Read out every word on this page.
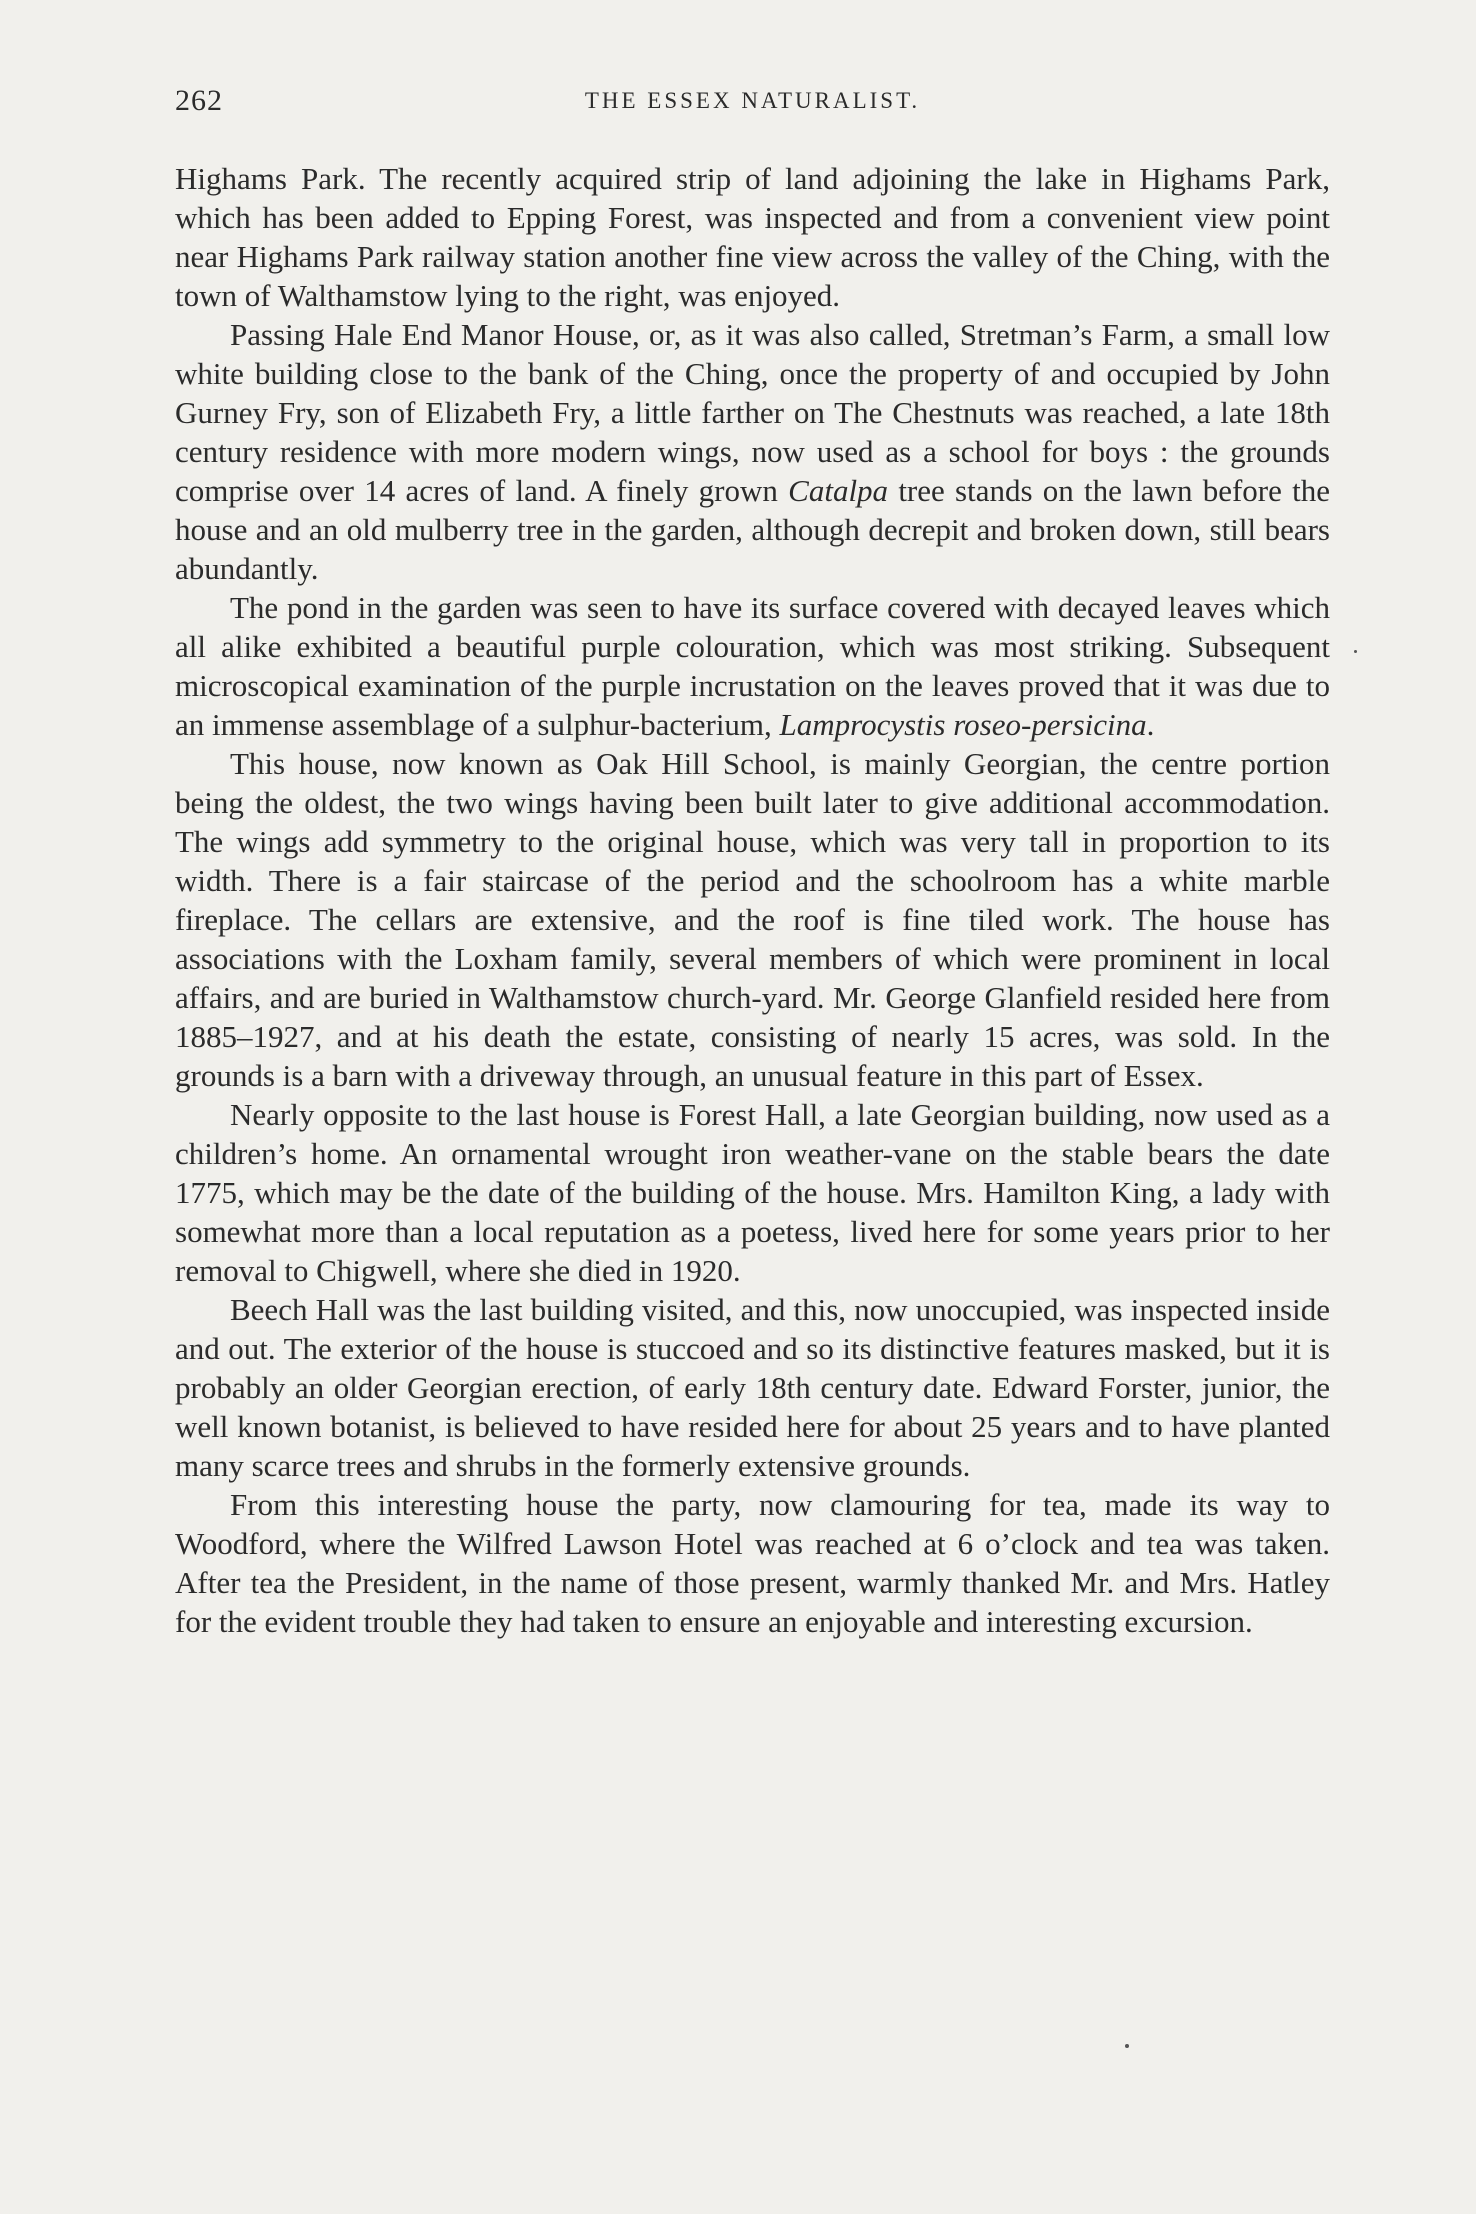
262	THE ESSEX NATURALIST.

Highams Park. The recently acquired strip of land adjoining the lake in Highams Park, which has been added to Epping Forest, was inspected and from a convenient view point near Highams Park railway station another fine view across the valley of the Ching, with the town of Walthamstow lying to the right, was enjoyed.

Passing Hale End Manor House, or, as it was also called, Stretman’s Farm, a small low white building close to the bank of the Ching, once the property of and occupied by John Gurney Fry, son of Elizabeth Fry, a little farther on The Chestnuts was reached, a late 18th century residence with more modern wings, now used as a school for boys : the grounds comprise over 14 acres of land. A finely grown Catalpa tree stands on the lawn before the house and an old mulberry tree in the garden, although decrepit and broken down, still bears abundantly.

The pond in the garden was seen to have its surface covered with decayed leaves which all alike exhibited a beautiful purple colouration, which was most striking. Subsequent microscopical examination of the purple incrustation on the leaves proved that it was due to an immense assemblage of a sulphur-bacterium, Lamprocystis roseo-persicina.

This house, now known as Oak Hill School, is mainly Georgian, the centre portion being the oldest, the two wings having been built later to give additional accommodation. The wings add symmetry to the original house, which was very tall in proportion to its width. There is a fair staircase of the period and the schoolroom has a white marble fireplace. The cellars are extensive, and the roof is fine tiled work. The house has associations with the Loxham family, several members of which were prominent in local affairs, and are buried in Walthamstow church-yard. Mr. George Glanfield resided here from 1885–1927, and at his death the estate, consisting of nearly 15 acres, was sold. In the grounds is a barn with a driveway through, an unusual feature in this part of Essex.

Nearly opposite to the last house is Forest Hall, a late Georgian building, now used as a children’s home. An ornamental wrought iron weather-vane on the stable bears the date 1775, which may be the date of the building of the house. Mrs. Hamilton King, a lady with somewhat more than a local reputation as a poetess, lived here for some years prior to her removal to Chigwell, where she died in 1920.

Beech Hall was the last building visited, and this, now unoccupied, was inspected inside and out. The exterior of the house is stuccoed and so its distinctive features masked, but it is probably an older Georgian erection, of early 18th century date. Edward Forster, junior, the well known botanist, is believed to have resided here for about 25 years and to have planted many scarce trees and shrubs in the formerly extensive grounds.

From this interesting house the party, now clamouring for tea, made its way to Woodford, where the Wilfred Lawson Hotel was reached at 6 o’clock and tea was taken. After tea the President, in the name of those present, warmly thanked Mr. and Mrs. Hatley for the evident trouble they had taken to ensure an enjoyable and interesting excursion.
